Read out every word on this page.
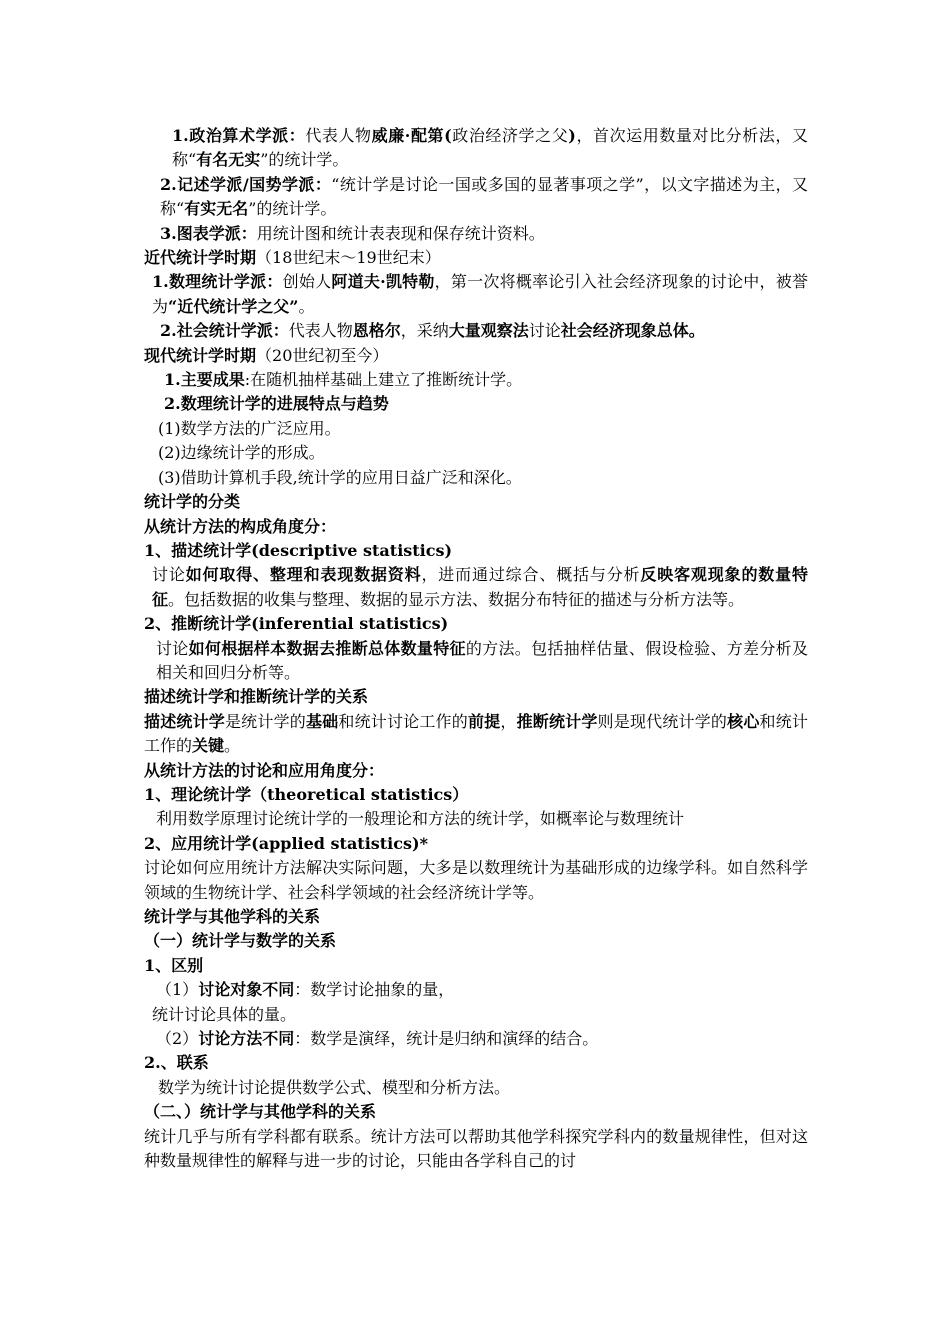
1.政治算术学派：代表人物威廉·配第(政治经济学之父)，首次运用数量对比分析法，又称“有名无实”的统计学。
2.记述学派/国势学派：“统计学是讨论一国或多国的显著事项之学”，以文字描述为主，又称“有实无名”的统计学。
3.图表学派：用统计图和统计表表现和保存统计资料。
近代统计学时期（18世纪末～19世纪末）
1.数理统计学派：创始人阿道夫·凯特勒，第一次将概率论引入社会经济现象的讨论中，被誉为“近代统计学之父”。
2.社会统计学派：代表人物恩格尔，采纳大量观察法讨论社会经济现象总体。
现代统计学时期（20世纪初至今）
1.主要成果:在随机抽样基础上建立了推断统计学。
2.数理统计学的进展特点与趋势
(1)数学方法的广泛应用。
(2)边缘统计学的形成。
(3)借助计算机手段,统计学的应用日益广泛和深化。
统计学的分类
从统计方法的构成角度分：
1、描述统计学(descriptive statistics)
讨论如何取得、整理和表现数据资料，进而通过综合、概括与分析反映客观现象的数量特征。包括数据的收集与整理、数据的显示方法、数据分布特征的描述与分析方法等。
2、推断统计学(inferential statistics)
讨论如何根据样本数据去推断总体数量特征的方法。包括抽样估量、假设检验、方差分析及相关和回归分析等。
描述统计学和推断统计学的关系
描述统计学是统计学的基础和统计讨论工作的前提，推断统计学则是现代统计学的核心和统计工作的关键。
从统计方法的讨论和应用角度分：
1、理论统计学（theoretical statistics）
利用数学原理讨论统计学的一般理论和方法的统计学，如概率论与数理统计
2、应用统计学(applied statistics)*
讨论如何应用统计方法解决实际问题，大多是以数理统计为基础形成的边缘学科。如自然科学领域的生物统计学、社会科学领域的社会经济统计学等。
统计学与其他学科的关系
（一）统计学与数学的关系
1、区别
（1）讨论对象不同：数学讨论抽象的量，
统计讨论具体的量。
（2）讨论方法不同：数学是演绎，统计是归纳和演绎的结合。
2.、联系
数学为统计讨论提供数学公式、模型和分析方法。
（二、）统计学与其他学科的关系
统计几乎与所有学科都有联系。统计方法可以帮助其他学科探究学科内的数量规律性，但对这种数量规律性的解释与进一步的讨论，只能由各学科自己的讨
